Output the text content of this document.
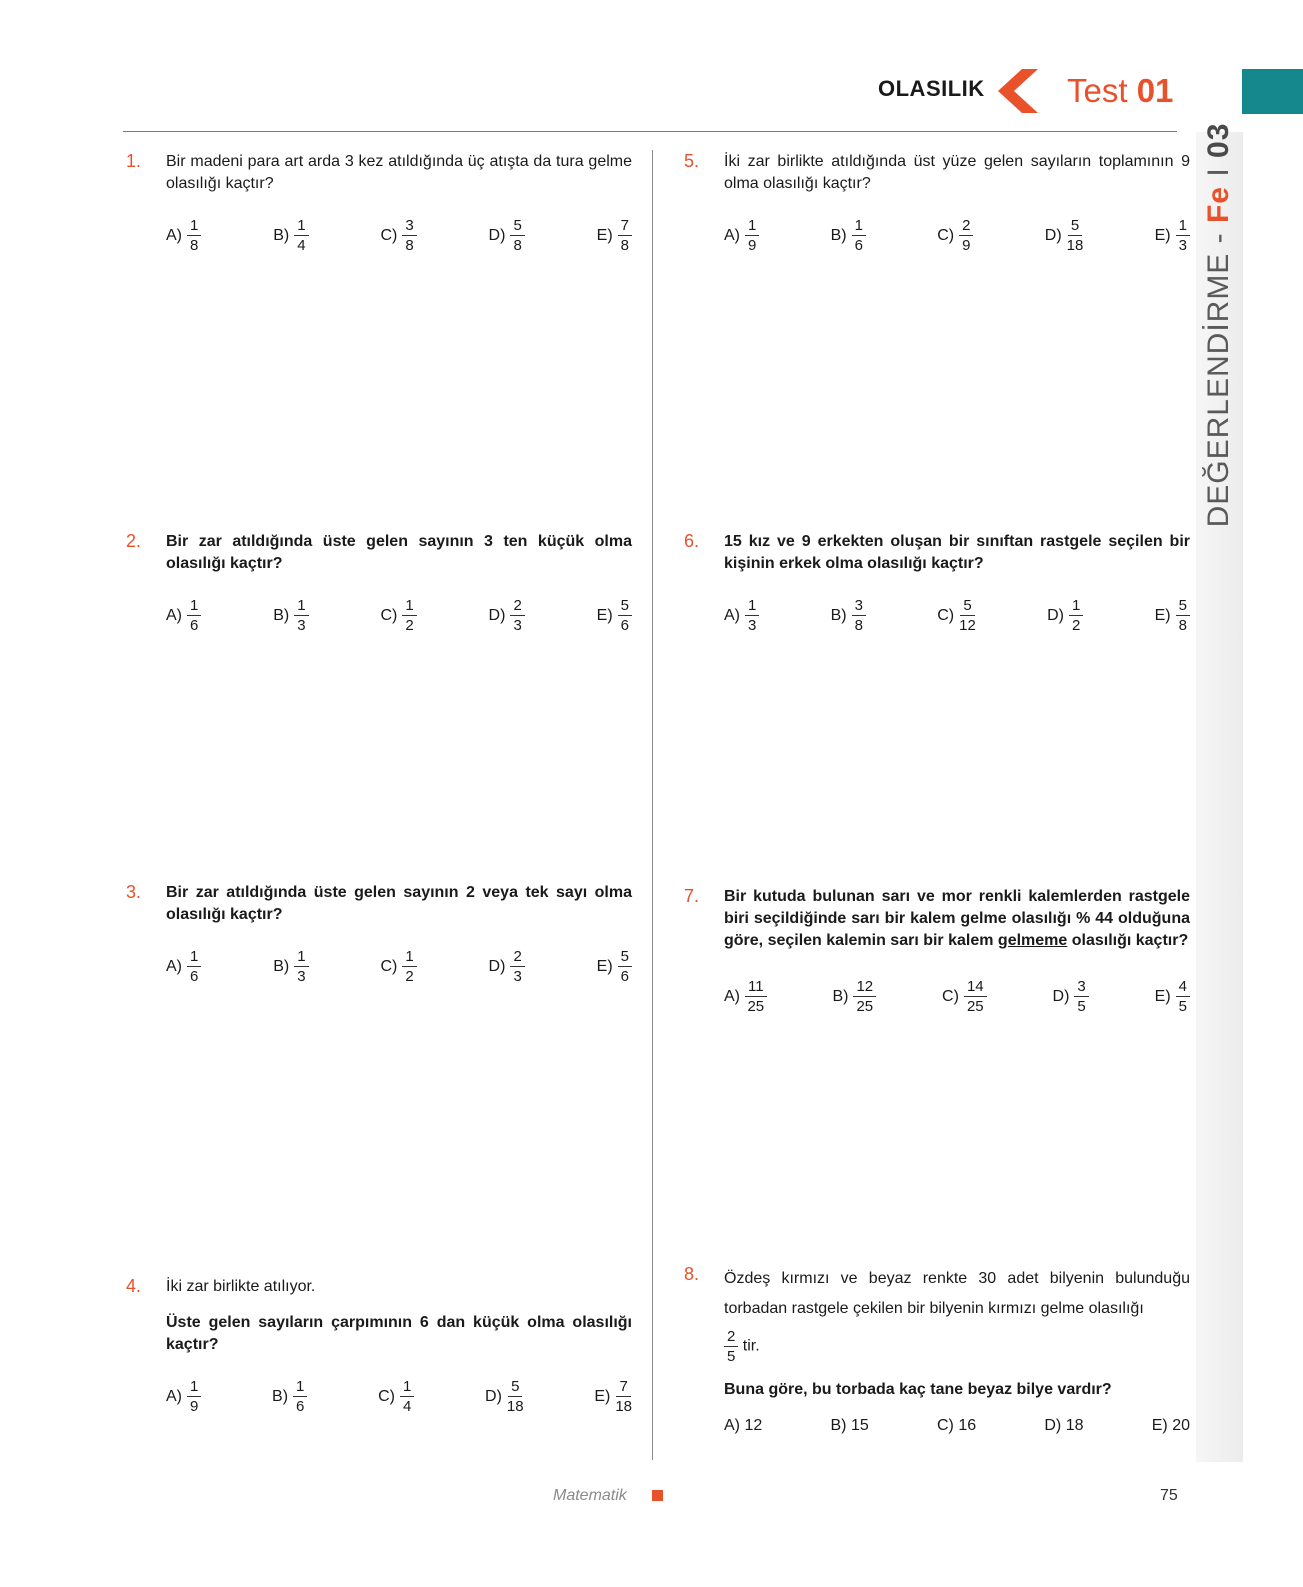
OLASILIK Test 01
DEĞERLENDİRME - Fe I 03
1. Bir madeni para art arda 3 kez atıldığında üç atışta da tura gelme olasılığı kaçtır?
$A) \frac{1}{8}$	$B) \frac{1}{4}$	$C) \frac{3}{8}$	$D) \frac{5}{8}$	$E) \frac{7}{8}$
2. Bir zar atıldığında üste gelen sayının 3 ten küçük olma olasılığı kaçtır?
$A) \frac{1}{6}$	$B) \frac{1}{3}$	$C) \frac{1}{2}$	$D) \frac{2}{3}$	$E) \frac{5}{6}$
3. Bir zar atıldığında üste gelen sayının 2 veya tek sayı olma olasılığı kaçtır?
$A) \frac{1}{6}$	$B) \frac{1}{3}$	$C) \frac{1}{2}$	$D) \frac{2}{3}$	$E) \frac{5}{6}$
4. İki zar birlikte atılıyor.
Üste gelen sayıların çarpımının 6 dan küçük olma olasılığı kaçtır?
$A) \frac{1}{9}$	$B) \frac{1}{6}$	$C) \frac{1}{4}$	$D) \frac{5}{18}$	$E) \frac{7}{18}$
5. İki zar birlikte atıldığında üst yüze gelen sayıların toplamının 9 olma olasılığı kaçtır?
$A) \frac{1}{9}$	$B) \frac{1}{6}$	$C) \frac{2}{9}$	$D) \frac{5}{18}$	$E) \frac{1}{3}$
6. 15 kız ve 9 erkekten oluşan bir sınıftan rastgele seçilen bir kişinin erkek olma olasılığı kaçtır?
$A) \frac{1}{3}$	$B) \frac{3}{8}$	$C) \frac{5}{12}$	$D) \frac{1}{2}$	$E) \frac{5}{8}$
7. Bir kutuda bulunan sarı ve mor renkli kalemlerden rastgele biri seçildiğinde sarı bir kalem gelme olasılığı % 44 olduğuna göre, seçilen kalemin sarı bir kalem gelmeme olasılığı kaçtır?
$A) \frac{11}{25}$	$B) \frac{12}{25}$	$C) \frac{14}{25}$	$D) \frac{3}{5}$	$E) \frac{4}{5}$
8. Özdeş kırmızı ve beyaz renkte 30 adet bilyenin bulunduğu torbadan rastgele çekilen bir bilyenin kırmızı gelme olasılığı
$\frac{2}{5}$ tir.
Buna göre, bu torbada kaç tane beyaz bilye vardır?
A) 12	B) 15	C) 16	D) 18	E) 20
Matematik	75
